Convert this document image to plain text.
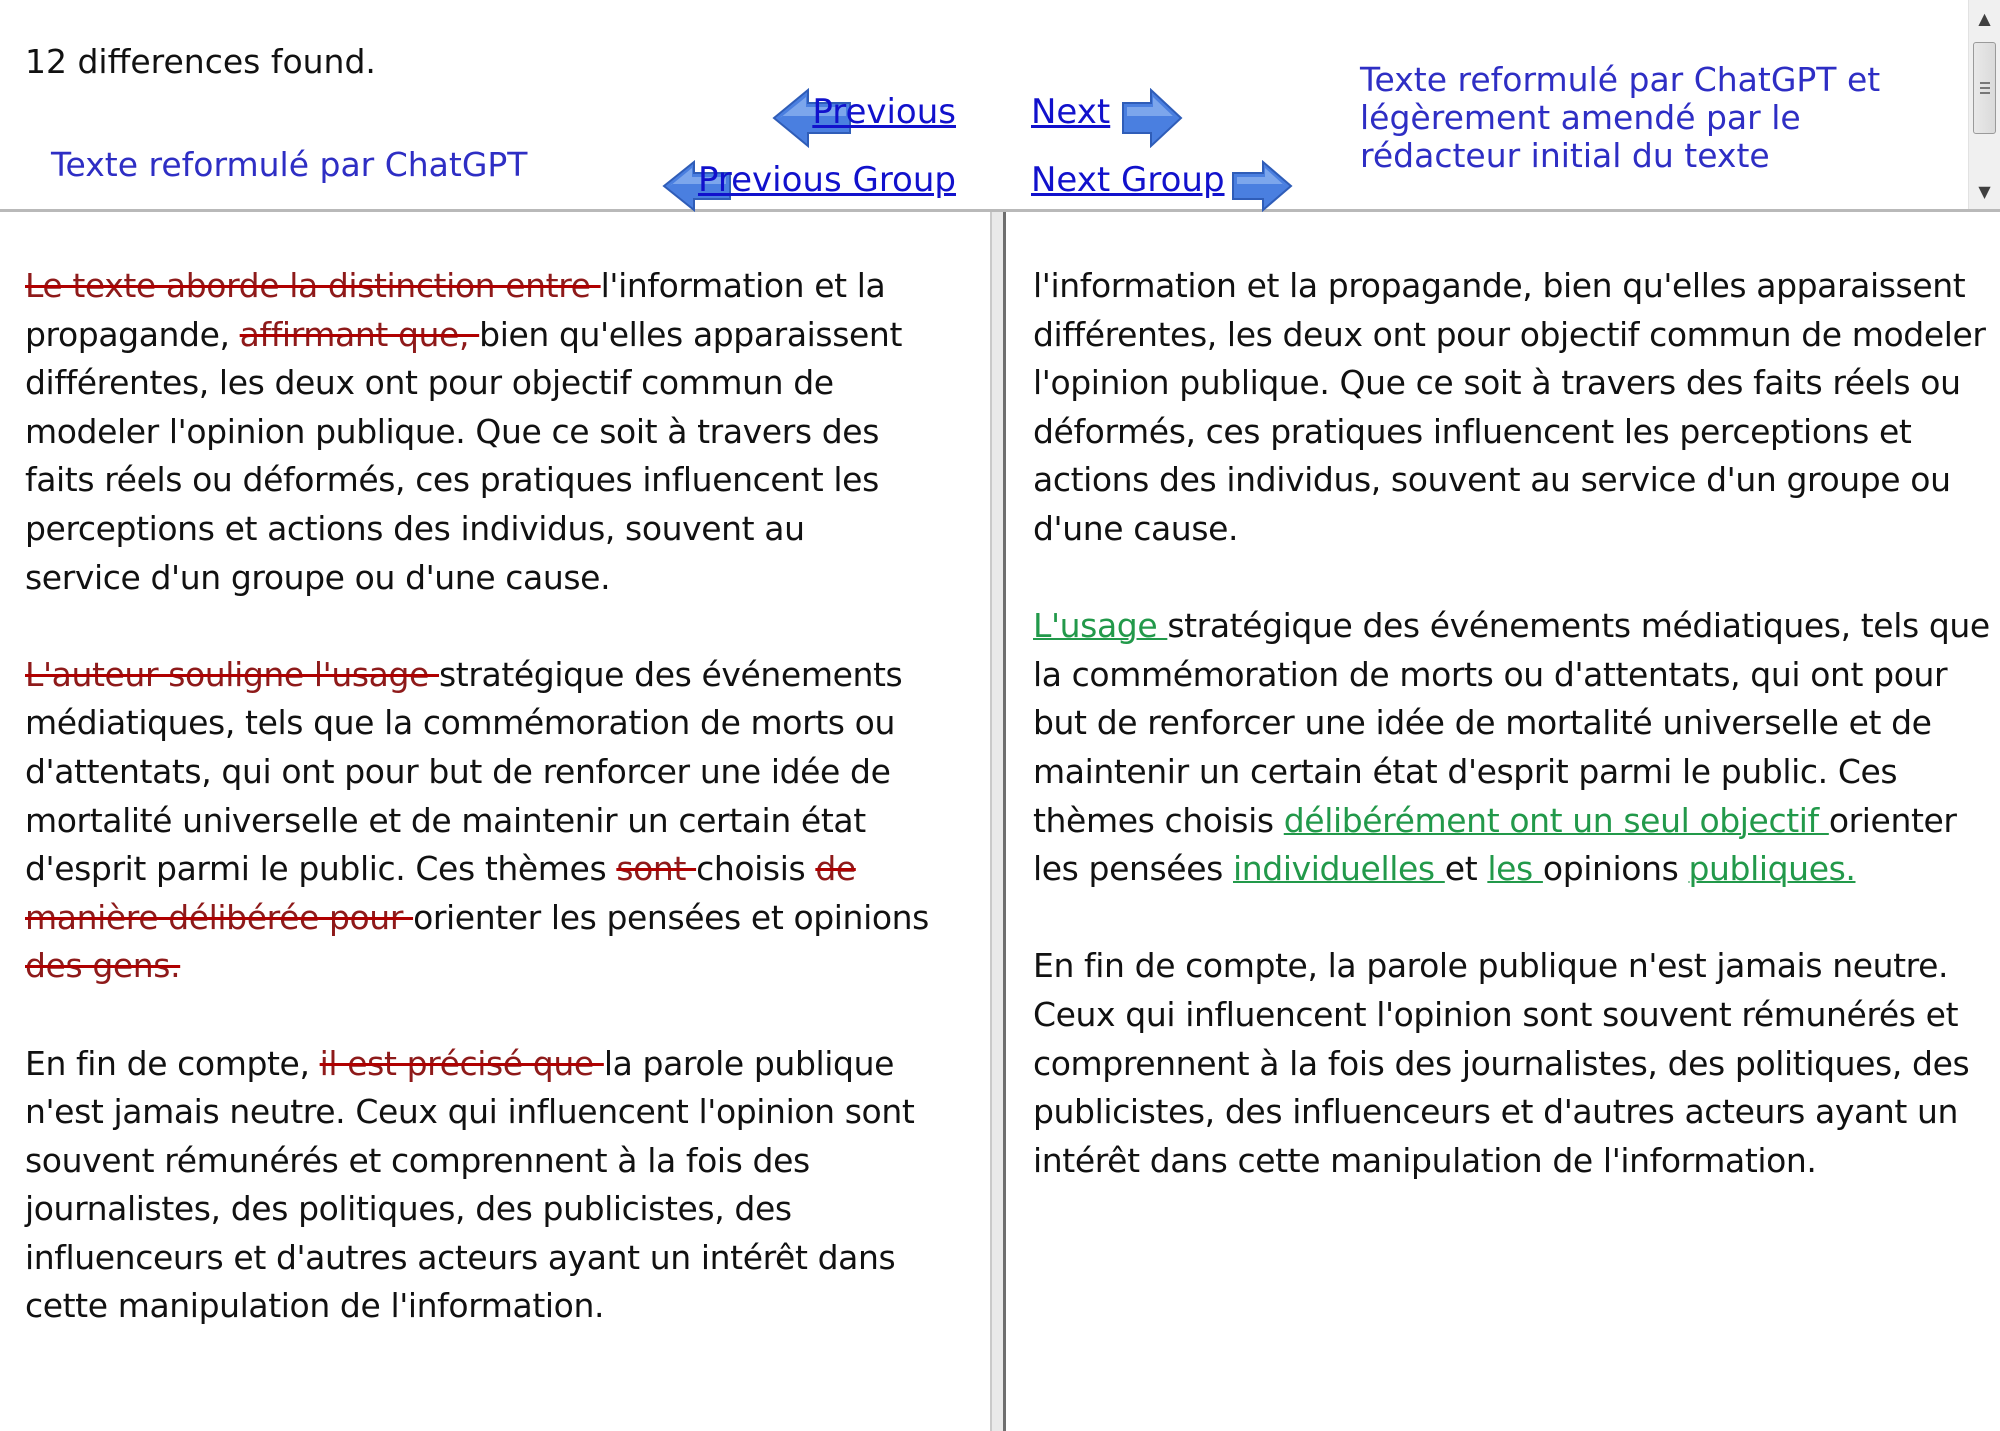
12 differences found.
Texte reformulé par ChatGPT

Texte reformulé par ChatGPT et légèrement amendé par le rédacteur initial du texte

Previous Next
Previous Group Next Group
▲
▼

Le texte aborde la distinction entre l'information et la propagande, affirmant que, bien qu'elles apparaissent différentes, les deux ont pour objectif commun de modeler l'opinion publique. Que ce soit à travers des faits réels ou déformés, ces pratiques influencent les perceptions et actions des individus, souvent au service d'un groupe ou d'une cause.

L'auteur souligne l'usage stratégique des événements médiatiques, tels que la commémoration de morts ou d'attentats, qui ont pour but de renforcer une idée de mortalité universelle et de maintenir un certain état d'esprit parmi le public. Ces thèmes sont choisis de manière délibérée pour orienter les pensées et opinions des gens.

En fin de compte, il est précisé que la parole publique n'est jamais neutre. Ceux qui influencent l'opinion sont souvent rémunérés et comprennent à la fois des journalistes, des politiques, des publicistes, des influenceurs et d'autres acteurs ayant un intérêt dans cette manipulation de l'information.

l'information et la propagande, bien qu'elles apparaissent différentes, les deux ont pour objectif commun de modeler l'opinion publique. Que ce soit à travers des faits réels ou déformés, ces pratiques influencent les perceptions et actions des individus, souvent au service d'un groupe ou d'une cause.

L'usage stratégique des événements médiatiques, tels que la commémoration de morts ou d'attentats, qui ont pour but de renforcer une idée de mortalité universelle et de maintenir un certain état d'esprit parmi le public. Ces thèmes choisis délibérément ont un seul objectif orienter les pensées individuelles et les opinions publiques.

En fin de compte, la parole publique n'est jamais neutre. Ceux qui influencent l'opinion sont souvent rémunérés et comprennent à la fois des journalistes, des politiques, des publicistes, des influenceurs et d'autres acteurs ayant un intérêt dans cette manipulation de l'information.
